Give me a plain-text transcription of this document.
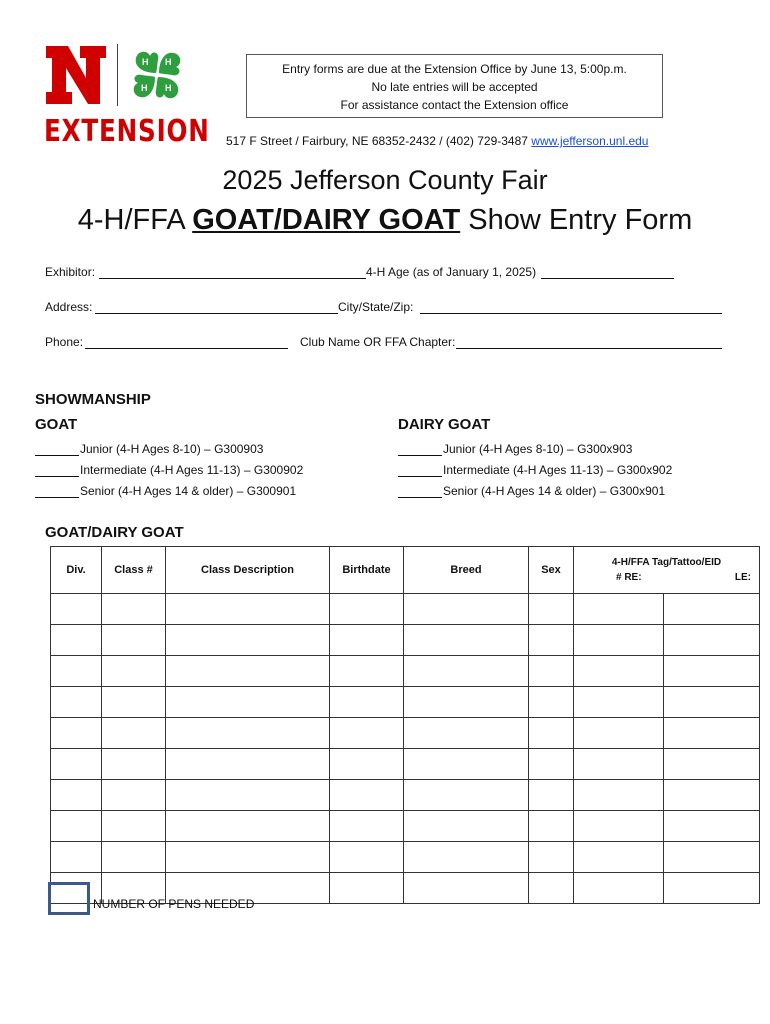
H H
H
H
EXTENSION
Entry forms are due at the Extension Office by June 13, 5:00p.m.
No late entries will be accepted
For assistance contact the Extension office
517 F Street / Fairbury, NE 68352-2432 / (402) 729-3487 www.jefferson.unl.edu
2025 Jefferson County Fair
4-H/FFA GOAT/DAIRY GOAT Show Entry Form
Exhibitor:	4-H Age (as of January 1, 2025)
Address:	City/State/Zip:
Phone:	Club Name OR FFA Chapter:
SHOWMANSHIP
GOAT	DAIRY GOAT
Junior (4-H Ages 8-10) – G300903
Intermediate (4-H Ages 11-13) – G300902
Senior (4-H Ages 14 & older) – G300901
Junior (4-H Ages 8-10) – G300x903
Intermediate (4-H Ages 11-13) – G300x902
Senior (4-H Ages 14 & older) – G300x901
GOAT/DAIRY GOAT
Div.	Class #	Class Description	Birthdate	Breed	Sex	4-H/FFA Tag/Tattoo/EID
# RE: LE:	

NUMBER OF PENS NEEDED
